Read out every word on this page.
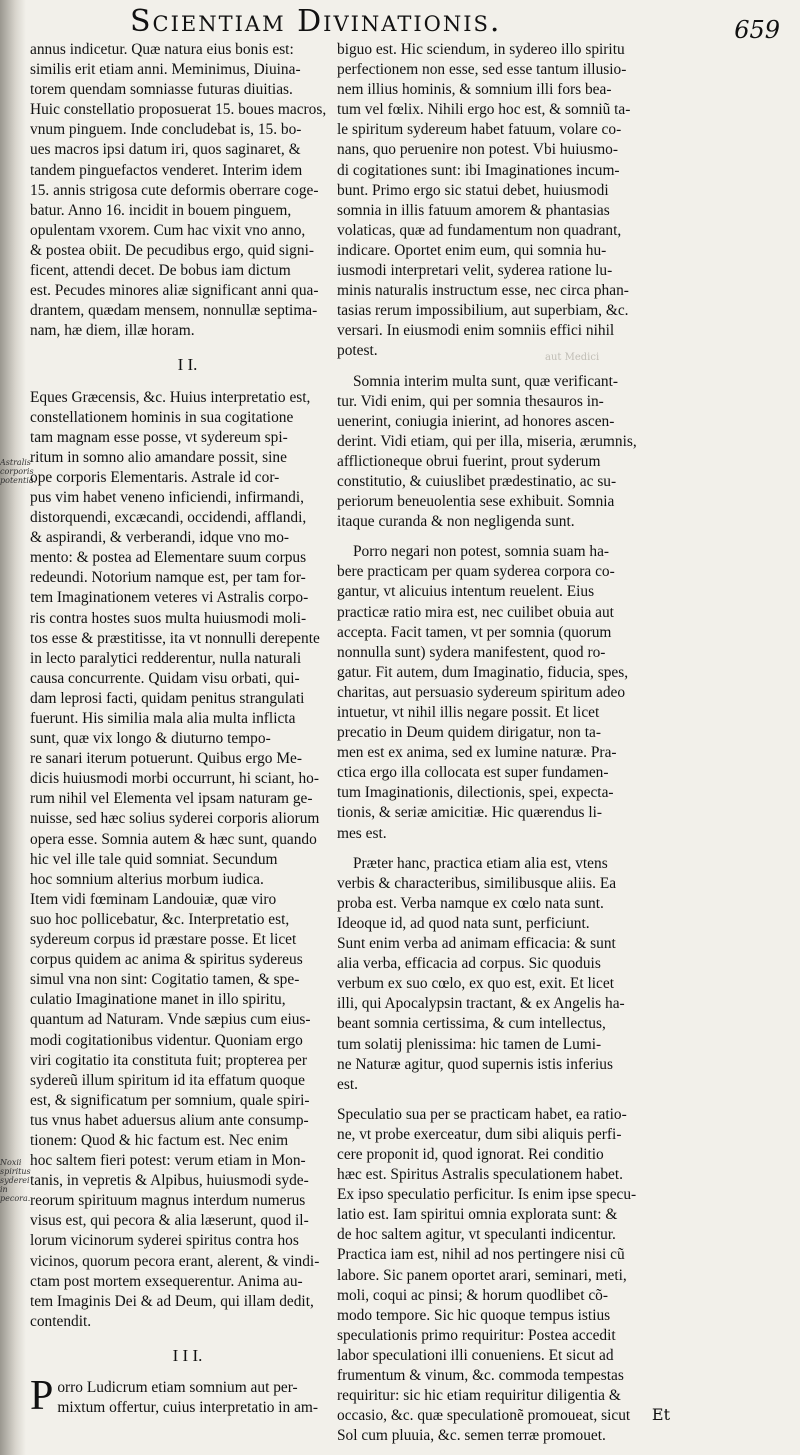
Scientiam Divinationis.	659
aut Medici
Astralis corporis potentia.
Noxii spiritus syderei in pecora.
annus indicetur. Quæ natura eius bonis est:
similis erit etiam anni. Meminimus, Diuina-
torem quendam somniasse futuras diuitias.
Huic constellatio proposuerat 15. boues macros,
vnum pinguem. Inde concludebat is, 15. bo-
ues macros ipsi datum iri, quos saginaret, &
tandem pinguefactos venderet. Interim idem
15. annis strigosa cute deformis oberrare coge-
batur. Anno 16. incidit in bouem pinguem,
opulentam vxorem. Cum hac vixit vno anno,
& postea obiit. De pecudibus ergo, quid signi-
ficent, attendi decet. De bobus iam dictum
est. Pecudes minores aliæ significant anni qua-
drantem, quædam mensem, nonnullæ septima-
nam, hæ diem, illæ horam.
I I.
Eques Græcensis, &c. Huius interpretatio est,
constellationem hominis in sua cogitatione
tam magnam esse posse, vt sydereum spi-
ritum in somno alio amandare possit, sine
ope corporis Elementaris. Astrale id cor-
pus vim habet veneno inficiendi, infirmandi,
distorquendi, excæcandi, occidendi, afflandi,
& aspirandi, & verberandi, idque vno mo-
mento: & postea ad Elementare suum corpus
redeundi. Notorium namque est, per tam for-
tem Imaginationem veteres vi Astralis corpo-
ris contra hostes suos multa huiusmodi moli-
tos esse & præstitisse, ita vt nonnulli derepente
in lecto paralytici redderentur, nulla naturali
causa concurrente. Quidam visu orbati, qui-
dam leprosi facti, quidam penitus strangulati
fuerunt. His similia mala alia multa inflicta
sunt, quæ vix longo & diuturno tempo-
re sanari iterum potuerunt. Quibus ergo Me-
dicis huiusmodi morbi occurrunt, hi sciant, ho-
rum nihil vel Elementa vel ipsam naturam ge-
nuisse, sed hæc solius syderei corporis aliorum
opera esse. Somnia autem & hæc sunt, quando
hic vel ille tale quid somniat. Secundum
hoc somnium alterius morbum iudica.
Item vidi fœminam Landouiæ, quæ viro
suo hoc pollicebatur, &c. Interpretatio est,
sydereum corpus id præstare posse. Et licet
corpus quidem ac anima & spiritus sydereus
simul vna non sint: Cogitatio tamen, & spe-
culatio Imaginatione manet in illo spiritu,
quantum ad Naturam. Vnde sæpius cum eius-
modi cogitationibus videntur. Quoniam ergo
viri cogitatio ita constituta fuit; propterea per
sydereũ illum spiritum id ita effatum quoque
est, & significatum per somnium, quale spiri-
tus vnus habet aduersus alium ante consump-
tionem: Quod & hic factum est. Nec enim
hoc saltem fieri potest: verum etiam in Mon-
tanis, in vepretis & Alpibus, huiusmodi syde-
reorum spirituum magnus interdum numerus
visus est, qui pecora & alia læserunt, quod il-
lorum vicinorum syderei spiritus contra hos
vicinos, quorum pecora erant, alerent, & vindi-
ctam post mortem exsequerentur. Anima au-
tem Imaginis Dei & ad Deum, qui illam dedit,
contendit.
I I I.
P orro Ludicrum etiam somnium aut per-
mixtum offertur, cuius interpretatio in am-
biguo est. Hic sciendum, in sydereo illo spiritu
perfectionem non esse, sed esse tantum illusio-
nem illius hominis, & somnium illi fors bea-
tum vel fœlix. Nihili ergo hoc est, & somniũ ta-
le spiritum sydereum habet fatuum, volare co-
nans, quo peruenire non potest. Vbi huiusmo-
di cogitationes sunt: ibi Imaginationes incum-
bunt. Primo ergo sic statui debet, huiusmodi
somnia in illis fatuum amorem & phantasias
volaticas, quæ ad fundamentum non quadrant,
indicare. Oportet enim eum, qui somnia hu-
iusmodi interpretari velit, syderea ratione lu-
minis naturalis instructum esse, nec circa phan-
tasias rerum impossibilium, aut superbiam, &c.
versari. In eiusmodi enim somniis effici nihil
potest.
Somnia interim multa sunt, quæ verificant-
tur. Vidi enim, qui per somnia thesauros in-
uenerint, coniugia inierint, ad honores ascen-
derint. Vidi etiam, qui per illa, miseria, ærumnis,
afflictioneque obrui fuerint, prout syderum
constitutio, & cuiuslibet prædestinatio, ac su-
periorum beneuolentia sese exhibuit. Somnia
itaque curanda & non negligenda sunt.
Porro negari non potest, somnia suam ha-
bere practicam per quam syderea corpora co-
gantur, vt alicuius intentum reuelent. Eius
practicæ ratio mira est, nec cuilibet obuia aut
accepta. Facit tamen, vt per somnia (quorum
nonnulla sunt) sydera manifestent, quod ro-
gatur. Fit autem, dum Imaginatio, fiducia, spes,
charitas, aut persuasio sydereum spiritum adeo
intuetur, vt nihil illis negare possit. Et licet
precatio in Deum quidem dirigatur, non ta-
men est ex anima, sed ex lumine naturæ. Pra-
ctica ergo illa collocata est super fundamen-
tum Imaginationis, dilectionis, spei, expecta-
tionis, & seriæ amicitiæ. Hic quærendus li-
mes est.
Præter hanc, practica etiam alia est, vtens
verbis & characteribus, similibusque aliis. Ea
proba est. Verba namque ex cœlo nata sunt.
Ideoque id, ad quod nata sunt, perficiunt.
Sunt enim verba ad animam efficacia: & sunt
alia verba, efficacia ad corpus. Sic quoduis
verbum ex suo cœlo, ex quo est, exit. Et licet
illi, qui Apocalypsin tractant, & ex Angelis ha-
beant somnia certissima, & cum intellectus,
tum solatij plenissima: hic tamen de Lumi-
ne Naturæ agitur, quod supernis istis inferius
est.
Speculatio sua per se practicam habet, ea ratio-
ne, vt probe exerceatur, dum sibi aliquis perfi-
cere proponit id, quod ignorat. Rei conditio
hæc est. Spiritus Astralis speculationem habet.
Ex ipso speculatio perficitur. Is enim ipse specu-
latio est. Iam spiritui omnia explorata sunt: &
de hoc saltem agitur, vt speculanti indicentur.
Practica iam est, nihil ad nos pertingere nisi cũ
labore. Sic panem oportet arari, seminari, meti,
moli, coqui ac pinsi; & horum quodlibet cõ-
modo tempore. Sic hic quoque tempus istius
speculationis primo requiritur: Postea accedit
labor speculationi illi conueniens. Et sicut ad
frumentum & vinum, &c. commoda tempestas
requiritur: sic hic etiam requiritur diligentia &
occasio, &c. quæ speculationẽ promoueat, sicut
Sol cum pluuia, &c. semen terræ promouet.
Et
